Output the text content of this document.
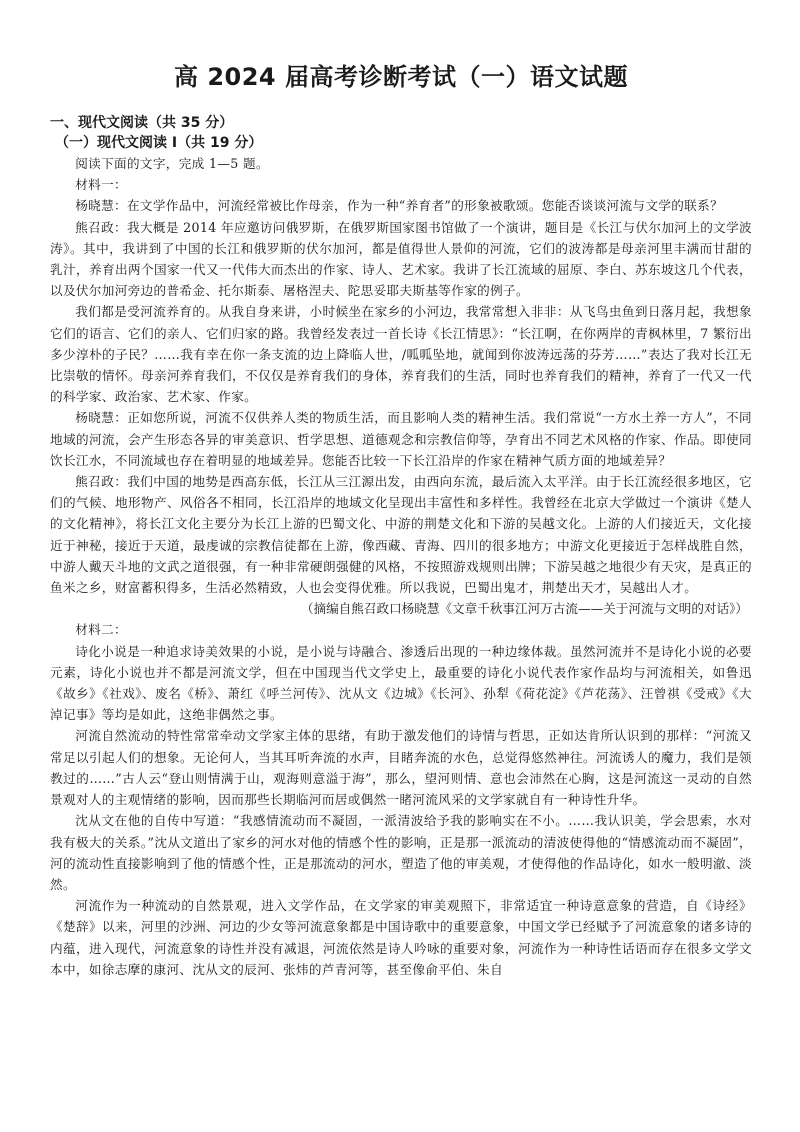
高 2024 届高考诊断考试（一）语文试题
一、现代文阅读（共 35 分）
（一）现代文阅读 I（共 19 分）

阅读下面的文字，完成 1—5 题。

材料一：

杨晓慧：在文学作品中，河流经常被比作母亲，作为一种“养育者”的形象被歌颂。您能否谈谈河流与文学的联系？

熊召政：我大概是 2014 年应邀访问俄罗斯，在俄罗斯国家图书馆做了一个演讲，题目是《长江与伏尔加河上的文学波涛》。其中，我讲到了中国的长江和俄罗斯的伏尔加河，都是值得世人景仰的河流，它们的波涛都是母亲河里丰满而甘甜的乳汁，养育出两个国家一代又一代伟大而杰出的作家、诗人、艺术家。我讲了长江流域的屈原、李白、苏东坡这几个代表，以及伏尔加河旁边的普希金、托尔斯泰、屠格涅夫、陀思妥耶夫斯基等作家的例子。

我们都是受河流养育的。从我自身来讲，小时候坐在家乡的小河边，我常常想入非非：从飞鸟虫鱼到日落月起，我想象它们的语言、它们的亲人、它们归家的路。我曾经发表过一首长诗《长江情思》：“长江啊，在你两岸的青枫林里，7 繁衍出多少淳朴的子民？……我有幸在你一条支流的边上降临人世，/呱呱坠地，就闻到你波涛远荡的芬芳……”表达了我对长江无比崇敬的情怀。母亲河养育我们，不仅仅是养育我们的身体，养育我们的生活，同时也养育我们的精神，养育了一代又一代的科学家、政治家、艺术家、作家。

杨晓慧：正如您所说，河流不仅供养人类的物质生活，而且影响人类的精神生活。我们常说“一方水土养一方人”，不同地域的河流，会产生形态各异的审美意识、哲学思想、道德观念和宗教信仰等，孕育出不同艺术风格的作家、作品。即使同饮长江水，不同流域也存在着明显的地域差异。您能否比较一下长江沿岸的作家在精神气质方面的地域差异？

熊召政：我们中国的地势是西高东低，长江从三江源出发，由西向东流，最后流入太平洋。由于长江流经很多地区，它们的气候、地形物产、风俗各不相同，长江沿岸的地域文化呈现出丰富性和多样性。我曾经在北京大学做过一个演讲《楚人的文化精神》，将长江文化主要分为长江上游的巴蜀文化、中游的荆楚文化和下游的吴越文化。上游的人们接近天，文化接近于神秘，接近于天道，最虔诚的宗教信徒都在上游，像西藏、青海、四川的很多地方；中游文化更接近于怎样战胜自然，中游人戴天斗地的文武之道很强，有一种非常硬朗强健的风格，不按照游戏规则出牌；下游吴越之地很少有天灾，是真正的鱼米之乡，财富蓄积得多，生活必然精致，人也会变得优雅。所以我说，巴蜀出鬼才，荆楚出天才，吴越出人才。

（摘编自熊召政口杨晓慧《文章千秋事江河万古流——关于河流与文明的对话》）

材料二：

诗化小说是一种追求诗美效果的小说，是小说与诗融合、渗透后出现的一种边缘体裁。虽然河流并不是诗化小说的必要元素，诗化小说也并不都是河流文学，但在中国现当代文学史上，最重要的诗化小说代表作家作品均与河流相关，如鲁迅《故乡》《社戏》、废名《桥》、萧红《呼兰河传》、沈从文《边城》《长河》、孙犁《荷花淀》《芦花荡》、汪曾祺《受戒》《大淖记事》等均是如此，这绝非偶然之事。

河流自然流动的特性常常牵动文学家主体的思绪，有助于激发他们的诗情与哲思，正如达肯所认识到的那样：“河流又常足以引起人们的想象。无论何人，当其耳听奔流的水声，目睹奔流的水色，总觉得悠然神往。河流诱人的魔力，我们是领教过的……”古人云“登山则情满于山，观海则意溢于海”，那么，望河则情、意也会沛然在心胸，这是河流这一灵动的自然景观对人的主观情绪的影响，因而那些长期临河而居或偶然一睹河流风采的文学家就自有一种诗性升华。

沈从文在他的自传中写道：“我感情流动而不凝固，一派清波给予我的影响实在不小。……我认识美，学会思索，水对我有极大的关系。”沈从文道出了家乡的河水对他的情感个性的影响，正是那一派流动的清波使得他的“情感流动而不凝固”，河的流动性直接影响到了他的情感个性，正是那流动的河水，塑造了他的审美观，才使得他的作品诗化，如水一般明澈、淡然。

河流作为一种流动的自然景观，进入文学作品，在文学家的审美观照下，非常适宜一种诗意意象的营造，自《诗经》《楚辞》以来，河里的沙洲、河边的少女等河流意象都是中国诗歌中的重要意象，中国文学已经赋予了河流意象的诸多诗的内蕴，进入现代，河流意象的诗性并没有减退，河流依然是诗人吟咏的重要对象，河流作为一种诗性话语而存在很多文学文本中，如徐志摩的康河、沈从文的辰河、张炜的芦青河等，甚至像俞平伯、朱自
